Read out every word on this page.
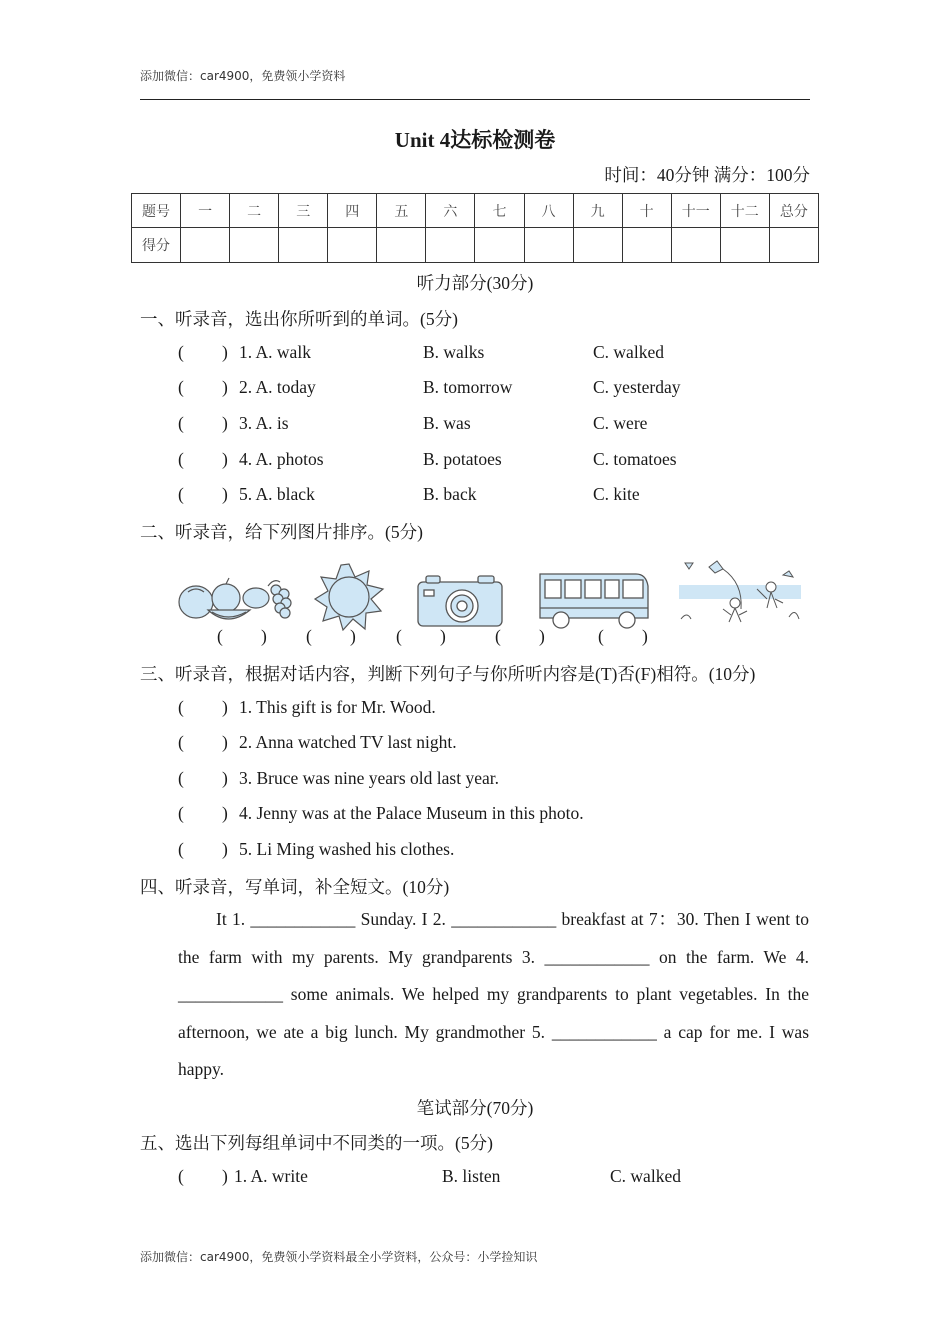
添加微信：car4900，免费领小学资料
Unit 4达标检测卷
时间：40分钟 满分：100分
题号	一	二	三	四	五	六	七	八	九	十	十一	十二	总分
得分													
听力部分(30分)
一、听录音，选出你所听到的单词。(5分)
( ) 1. A. walk	B. walks	C. walked
( ) 2. A. today	B. tomorrow	C. yesterday
( ) 3. A. is	B. was	C. were
( ) 4. A. photos	B. potatoes	C. tomatoes
( ) 5. A. black	B. back	C. kite
二、听录音，给下列图片排序。(5分)
( ) ( ) ( )	( )	( )
三、听录音，根据对话内容，判断下列句子与你所听内容是(T)否(F)相符。(10分)
( ) 1. This gift is for Mr. Wood.
( ) 2. Anna watched TV last night.
( ) 3. Bruce was nine years old last year.
( ) 4. Jenny was at the Palace Museum in this photo.
( ) 5. Li Ming washed his clothes.
四、听录音，写单词，补全短文。(10分)
It 1. ____________ Sunday. I 2. ____________ breakfast at 7：30. Then I went to the farm with my parents. My grandparents 3. ____________ on the farm. We 4. ____________ some animals. We helped my grandparents to plant vegetables. In the afternoon, we ate a big lunch. My grandmother 5. ____________ a cap for me. I was happy.
笔试部分(70分)
五、选出下列每组单词中不同类的一项。(5分)
( ) 1. A. write	B. listen	C. walked
添加微信：car4900，免费领小学资料最全小学资料，公众号：小学捡知识
